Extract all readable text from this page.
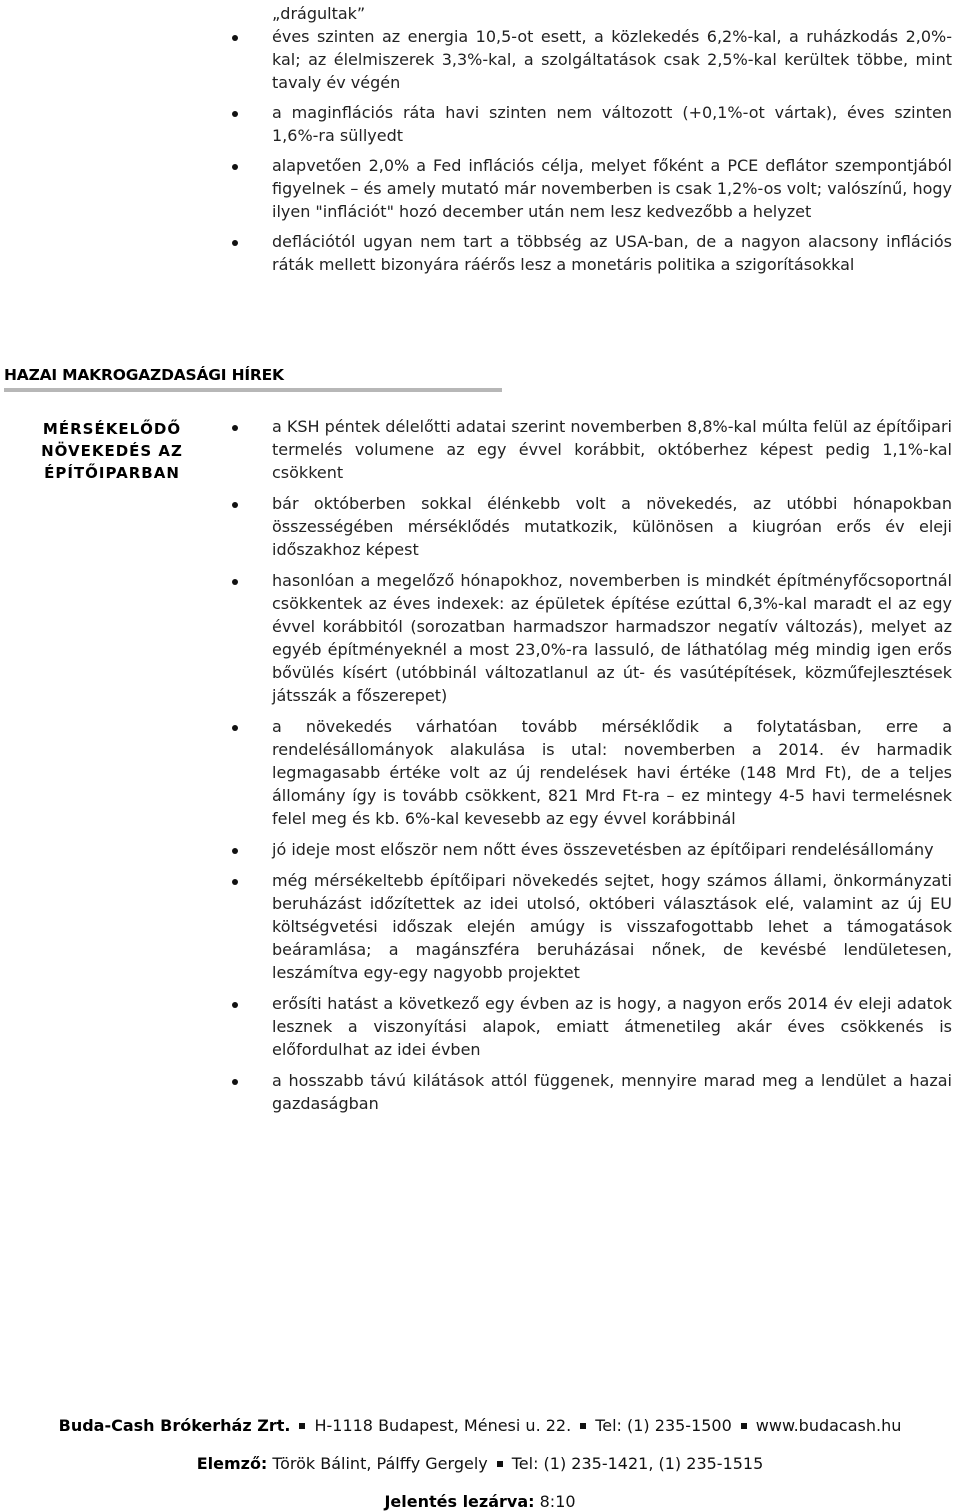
„drágultak”
éves szinten az energia 10,5-ot esett, a közlekedés 6,2%-kal, a ruházkodás 2,0%-kal; az élelmiszerek 3,3%-kal, a szolgáltatások csak 2,5%-kal kerültek többe, mint tavaly év végén
a maginflációs ráta havi szinten nem változott (+0,1%-ot vártak), éves szinten 1,6%-ra süllyedt
alapvetően 2,0% a Fed inflációs célja, melyet főként a PCE deflátor szempontjából figyelnek – és amely mutató már novemberben is csak 1,2%-os volt; valószínű, hogy ilyen "inflációt" hozó december után nem lesz kedvezőbb a helyzet
deflációtól ugyan nem tart a többség az USA-ban, de a nagyon alacsony inflációs ráták mellett bizonyára ráérős lesz a monetáris politika a szigorításokkal
HAZAI MAKROGAZDASÁGI HÍREK
MÉRSÉKELŐDŐ
NÖVEKEDÉS AZ
ÉPÍTŐIPARBAN
a KSH péntek délelőtti adatai szerint novemberben 8,8%-kal múlta felül az építőipari termelés volumene az egy évvel korábbit, októberhez képest pedig 1,1%-kal csökkent
bár októberben sokkal élénkebb volt a növekedés, az utóbbi hónapokban összességében mérséklődés mutatkozik, különösen a kiugróan erős év eleji időszakhoz képest
hasonlóan a megelőző hónapokhoz, novemberben is mindkét építményfőcsoportnál csökkentek az éves indexek: az épületek építése ezúttal 6,3%-kal maradt el az egy évvel korábbitól (sorozatban harmadszor harmadszor negatív változás), melyet az egyéb építményeknél a most 23,0%-ra lassuló, de láthatólag még mindig igen erős bővülés kísért (utóbbinál változatlanul az út- és vasútépítések, közműfejlesztések játsszák a főszerepet)
a növekedés várhatóan tovább mérséklődik a folytatásban, erre a rendelésállományok alakulása is utal: novemberben a 2014. év harmadik legmagasabb értéke volt az új rendelések havi értéke (148 Mrd Ft), de a teljes állomány így is tovább csökkent, 821 Mrd Ft-ra – ez mintegy 4-5 havi termelésnek felel meg és kb. 6%-kal kevesebb az egy évvel korábbinál
jó ideje most először nem nőtt éves összevetésben az építőipari rendelésállomány
még mérsékeltebb építőipari növekedés sejtet, hogy számos állami, önkormányzati beruházást időzítettek az idei utolsó, októberi választások elé, valamint az új EU költségvetési időszak elején amúgy is visszafogottabb lehet a támogatások beáramlása; a magánszféra beruházásai nőnek, de kevésbé lendületesen, leszámítva egy-egy nagyobb projektet
erősíti hatást a következő egy évben az is hogy, a nagyon erős 2014 év eleji adatok lesznek a viszonyítási alapok, emiatt átmenetileg akár éves csökkenés is előfordulhat az idei évben
a hosszabb távú kilátások attól függenek, mennyire marad meg a lendület a hazai gazdaságban
Buda-Cash Brókerház Zrt. H-1118 Budapest, Ménesi u. 22. Tel: (1) 235-1500 www.budacash.hu
Elemző: Török Bálint, Pálffy Gergely Tel: (1) 235-1421, (1) 235-1515
Jelentés lezárva: 8:10
